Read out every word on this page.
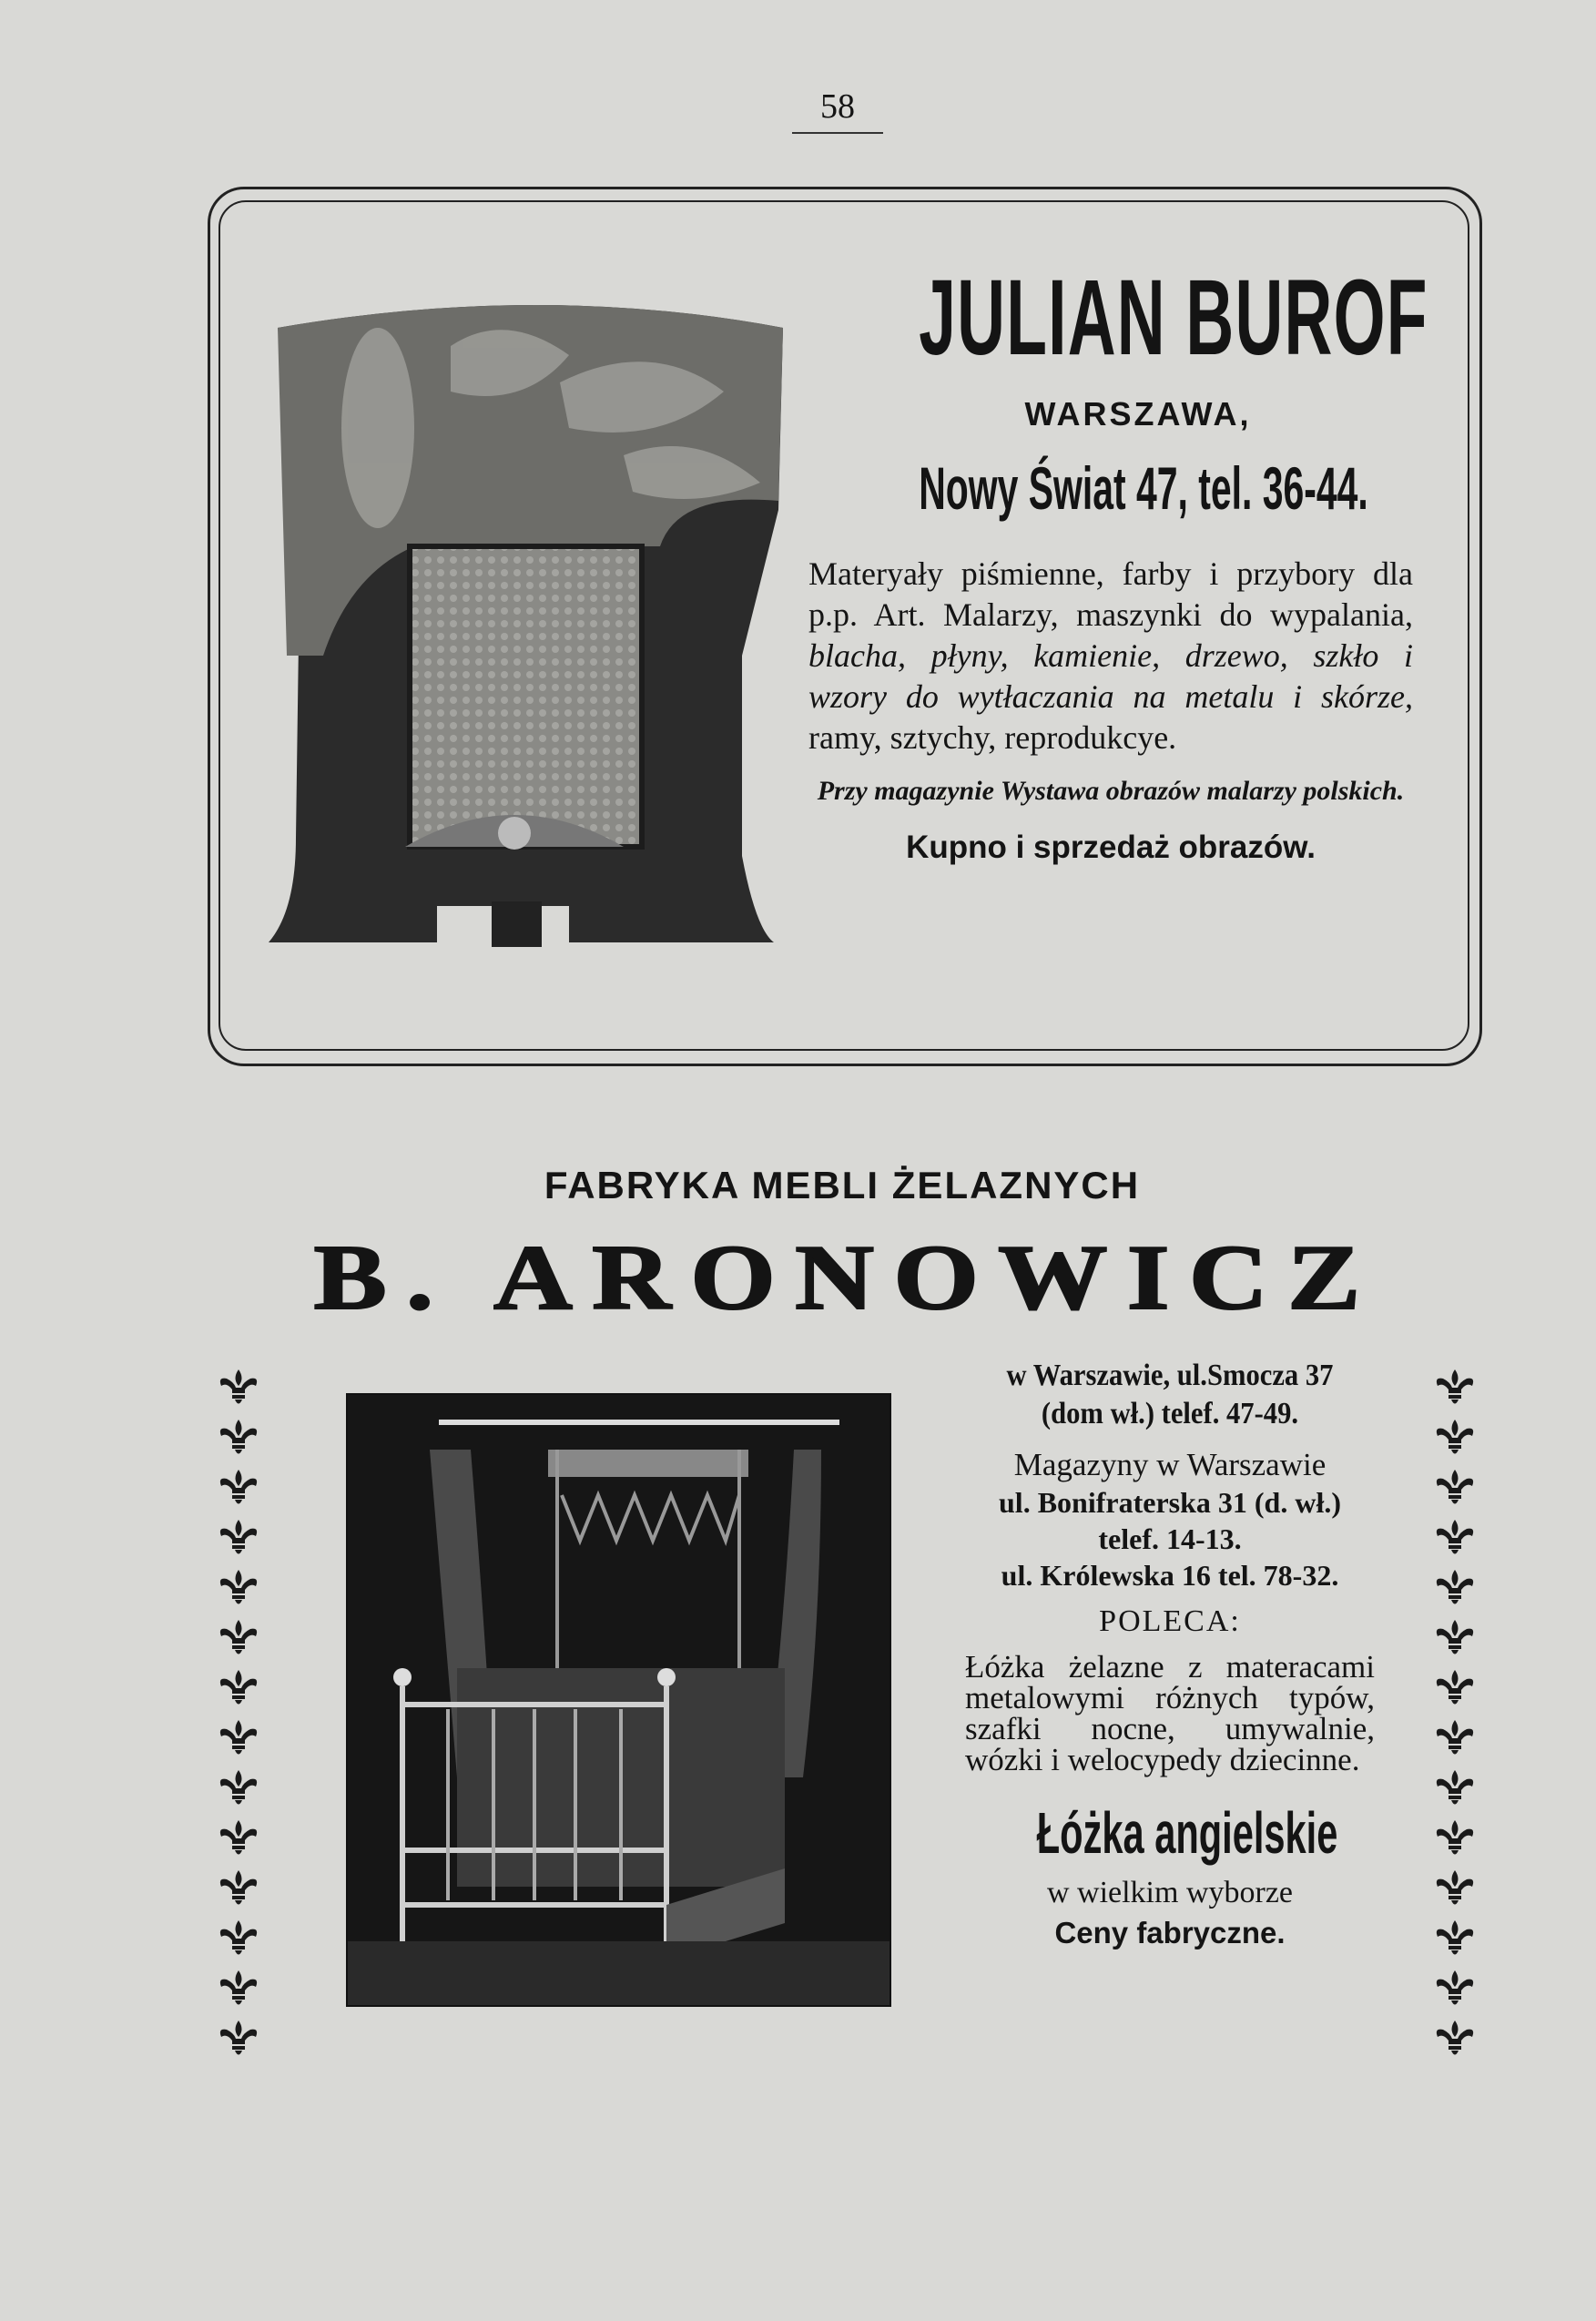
58
JULIAN BUROF
WARSZAWA,
Nowy Świat 47, tel. 36-44.
Materyały piśmienne, farby i przybory dla p.p. Art. Malarzy, maszynki do wypalania, blacha, płyny, kamienie, drzewo, szkło i wzory do wytłaczania na metalu i skórze, ramy, sztychy, reprodukcye.
Przy magazynie Wystawa obrazów malarzy polskich.
Kupno i sprzedaż obrazów.
FABRYKA MEBLI ŻELAZNYCH
B. ARONOWICZ
w Warszawie, ul.Smocza 37
(dom wł.) telef. 47-49.
Magazyny w Warszawie
ul. Bonifraterska 31 (d. wł.)
telef. 14-13.
ul. Królewska 16 tel. 78-32.
POLECA:
Łóżka żelazne z materacami metalowymi różnych typów, szafki nocne, umywalnie, wózki i welocypedy dziecinne.
Łóżka angielskie
w wielkim wyborze
Ceny fabryczne.
